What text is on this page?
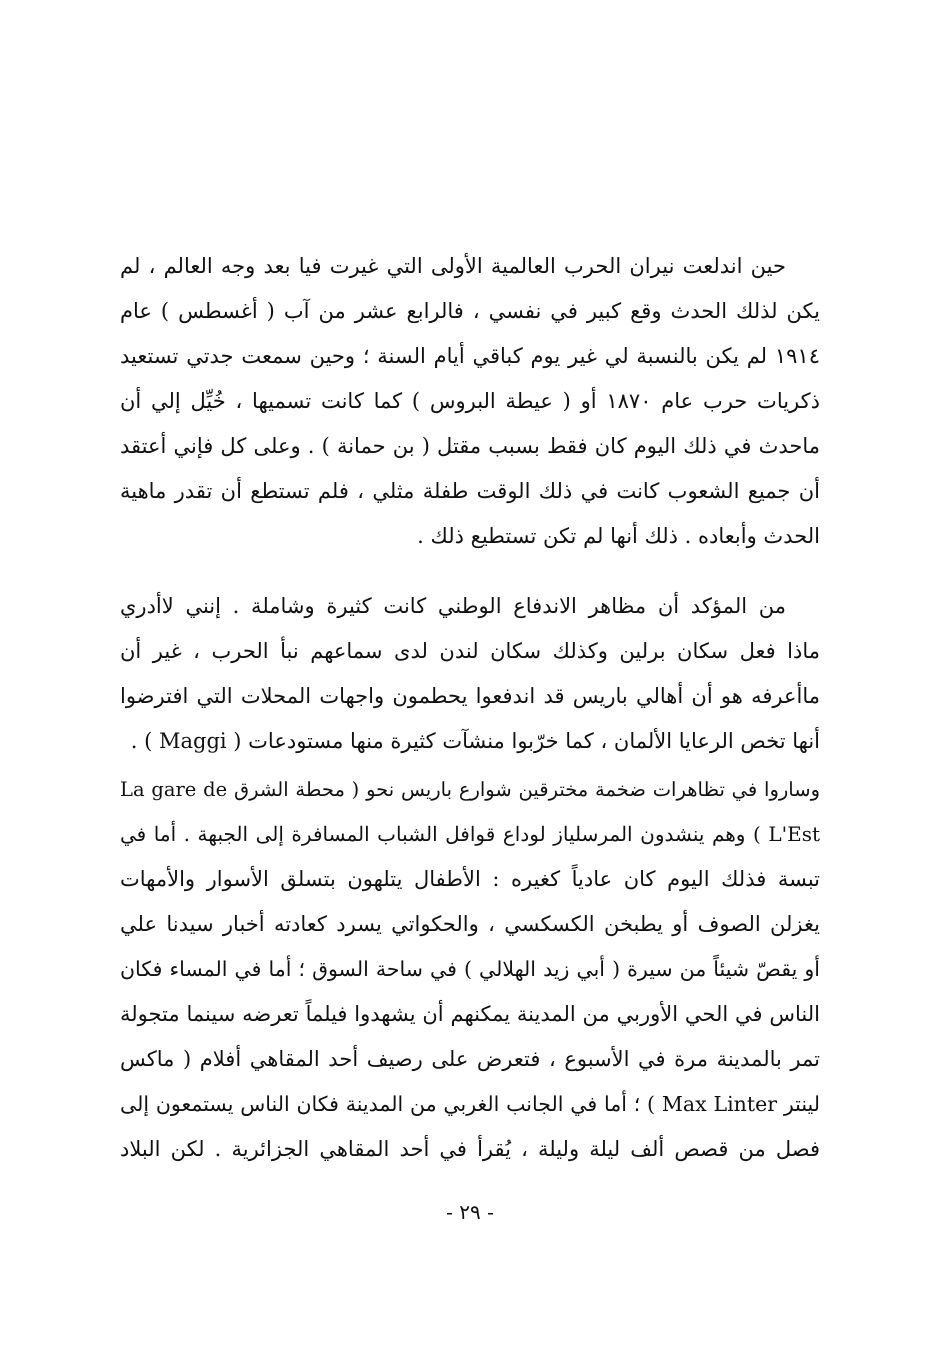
حين اندلعت نيران الحرب العالمية الأولى التي غيرت فيا بعد وجه العالم ، لم
يكن لذلك الحدث وقع كبير في نفسي ، فالرابع عشر من آب ( أغسطس ) عام
١٩١٤ لم يكن بالنسبة لي غير يوم كباقي أيام السنة ؛ وحين سمعت جدتي تستعيد
ذكريات حرب عام ١٨٧٠ أو ( عيطة البروس ) كما كانت تسميها ، خُيِّل إلي أن
ماحدث في ذلك اليوم كان فقط بسبب مقتل ( بن حمانة ) . وعلى كل فإني أعتقد
أن جميع الشعوب كانت في ذلك الوقت طفلة مثلي ، فلم تستطع أن تقدر ماهية
الحدث وأبعاده . ذلك أنها لم تكن تستطيع ذلك .
من المؤكد أن مظاهر الاندفاع الوطني كانت كثيرة وشاملة . إنني لاأدري
ماذا فعل سكان برلين وكذلك سكان لندن لدى سماعهم نبأ الحرب ، غير أن
ماأعرفه هو أن أهالي باريس قد اندفعوا يحطمون واجهات المحلات التي افترضوا
أنها تخص الرعايا الألمان ، كما خرّبوا منشآت كثيرة منها مستودعات ( Maggi ) .
وساروا في تظاهرات ضخمة مخترقين شوارع باريس نحو ( محطة الشرق La gare de
L'Est ) وهم ينشدون المرسلياز لوداع قوافل الشباب المسافرة إلى الجبهة . أما في
تبسة فذلك اليوم كان عادياً كغيره : الأطفال يتلهون بتسلق الأسوار والأمهات
يغزلن الصوف أو يطبخن الكسكسي ، والحكواتي يسرد كعادته أخبار سيدنا علي
أو يقصّ شيئاً من سيرة ( أبي زيد الهلالي ) في ساحة السوق ؛ أما في المساء فكان
الناس في الحي الأوربي من المدينة يمكنهم أن يشهدوا فيلماً تعرضه سينما متجولة
تمر بالمدينة مرة في الأسبوع ، فتعرض على رصيف أحد المقاهي أفلام ( ماكس
لينتر Max Linter ) ؛ أما في الجانب الغربي من المدينة فكان الناس يستمعون إلى
فصل من قصص ألف ليلة وليلة ، يُقرأ في أحد المقاهي الجزائرية . لكن البلاد
- ٢٩ -
